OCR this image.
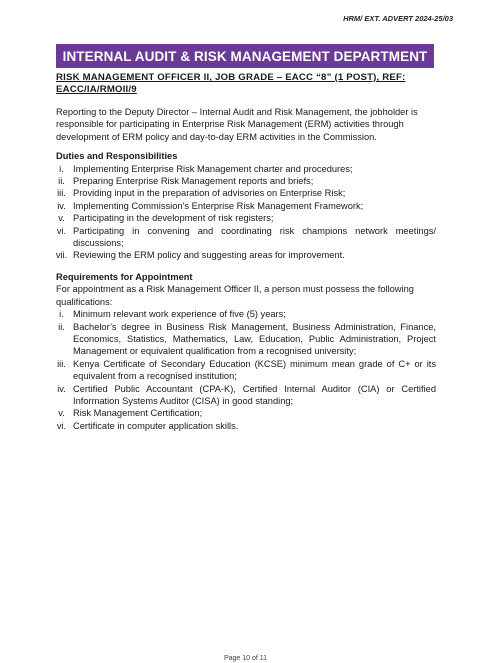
HRM/ EXT. ADVERT 2024-25/03
INTERNAL AUDIT & RISK MANAGEMENT DEPARTMENT

RISK MANAGEMENT OFFICER II, JOB GRADE – EACC “8” (1 POST), REF: EACC/IA/RMOII/9

Reporting to the Deputy Director – Internal Audit and Risk Management, the jobholder is responsible for participating in Enterprise Risk Management (ERM) activities through development of ERM policy and day-to-day ERM activities in the Commission.

Duties and Responsibilities

i. Implementing Enterprise Risk Management charter and procedures;
ii. Preparing Enterprise Risk Management reports and briefs;
iii. Providing input in the preparation of advisories on Enterprise Risk;
iv. Implementing Commission’s Enterprise Risk Management Framework;
v. Participating in the development of risk registers;
vi. Participating in convening and coordinating risk champions network meetings/ discussions;
vii. Reviewing the ERM policy and suggesting areas for improvement.

Requirements for Appointment

For appointment as a Risk Management Officer II, a person must possess the following qualifications:

i. Minimum relevant work experience of five (5) years;
ii. Bachelor’s degree in Business Risk Management, Business Administration, Finance, Economics, Statistics, Mathematics, Law, Education, Public Administration, Project Management or equivalent qualification from a recognised university;
iii. Kenya Certificate of Secondary Education (KCSE) minimum mean grade of C+ or its equivalent from a recognised institution;
iv. Certified Public Accountant (CPA-K), Certified Internal Auditor (CIA) or Certified Information Systems Auditor (CISA) in good standing;
v. Risk Management Certification;
vi. Certificate in computer application skills.
Page 10 of 11
